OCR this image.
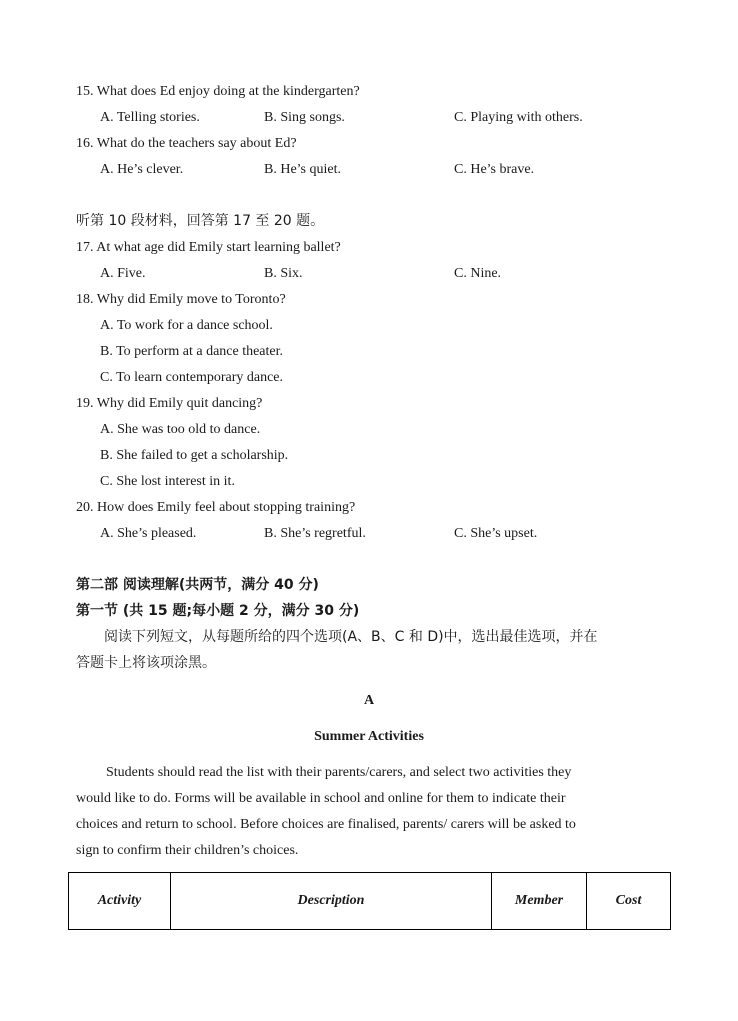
15. What does Ed enjoy doing at the kindergarten?
A. Telling stories.	B. Sing songs.	C. Playing with others.
16. What do the teachers say about Ed?
A. He’s clever.	B. He’s quiet.	C. He’s brave.
听第 10 段材料，回答第 17 至 20 题。
17. At what age did Emily start learning ballet?
A. Five.	B. Six.	C. Nine.
18. Why did Emily move to Toronto?
A. To work for a dance school.
B. To perform at a dance theater.
C. To learn contemporary dance.
19. Why did Emily quit dancing?
A. She was too old to dance.
B. She failed to get a scholarship.
C. She lost interest in it.
20. How does Emily feel about stopping training?
A. She’s pleased.	B. She’s regretful.	C. She’s upset.
第二部 阅读理解(共两节，满分 40 分)
第一节 (共 15 题;每小题 2 分，满分 30 分)
阅读下列短文，从每题所给的四个选项(A、B、C 和 D)中，选出最佳选项，并在
答题卡上将该项涂黑。
A
Summer Activities
Students should read the list with their parents/carers, and select two activities they
would like to do. Forms will be available in school and online for them to indicate their
choices and return to school. Before choices are finalised, parents/ carers will be asked to
sign to confirm their children’s choices.
Activity	Description	Member	Cost
